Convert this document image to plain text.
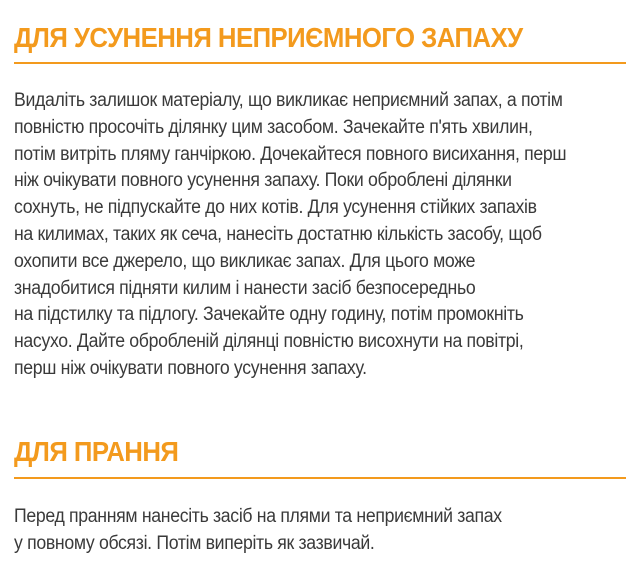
ДЛЯ УСУНЕННЯ НЕПРИЄМНОГО ЗАПАХУ
Видаліть залишок матеріалу, що викликає неприємний запах, а потім
повністю просочіть ділянку цим засобом. Зачекайте п'ять хвилин,
потім витріть пляму ганчіркою. Дочекайтеся повного висихання, перш
ніж очікувати повного усунення запаху. Поки оброблені ділянки
сохнуть, не підпускайте до них котів. Для усунення стійких запахів
на килимах, таких як сеча, нанесіть достатню кількість засобу, щоб
охопити все джерело, що викликає запах. Для цього може
знадобитися підняти килим і нанести засіб безпосередньо
на підстилку та підлогу. Зачекайте одну годину, потім промокніть
насухо. Дайте обробленій ділянці повністю висохнути на повітрі,
перш ніж очікувати повного усунення запаху.
ДЛЯ ПРАННЯ
Перед пранням нанесіть засіб на плями та неприємний запах
у повному обсязі. Потім виперіть як зазвичай.
